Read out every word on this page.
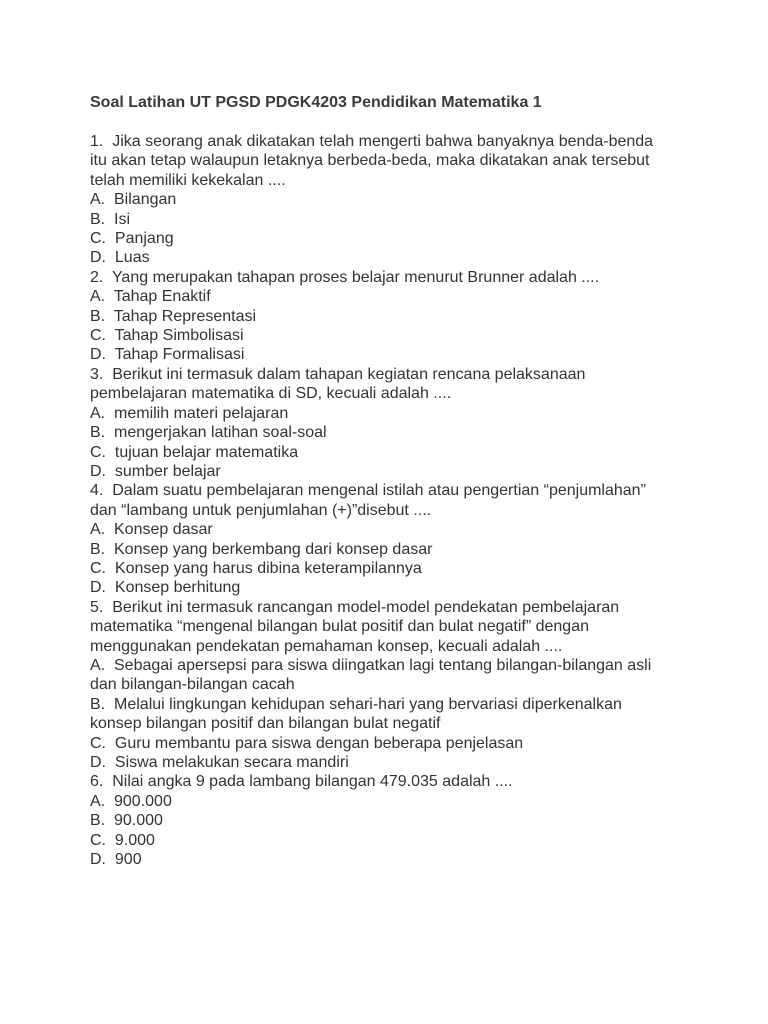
Soal Latihan UT PGSD PDGK4203 Pendidikan Matematika 1

1.  Jika seorang anak dikatakan telah mengerti bahwa banyaknya benda-benda

itu akan tetap walaupun letaknya berbeda-beda, maka dikatakan anak tersebut

telah memiliki kekekalan ....

A.  Bilangan

B.  Isi

C.  Panjang

D.  Luas

2.  Yang merupakan tahapan proses belajar menurut Brunner adalah ....

A.  Tahap Enaktif

B.  Tahap Representasi

C.  Tahap Simbolisasi

D.  Tahap Formalisasi

3.  Berikut ini termasuk dalam tahapan kegiatan rencana pelaksanaan

pembelajaran matematika di SD, kecuali adalah ....

A.  memilih materi pelajaran

B.  mengerjakan latihan soal-soal

C.  tujuan belajar matematika

D.  sumber belajar

4.  Dalam suatu pembelajaran mengenal istilah atau pengertian “penjumlahan”

dan “lambang untuk penjumlahan (+)”disebut ....

A.  Konsep dasar

B.  Konsep yang berkembang dari konsep dasar

C.  Konsep yang harus dibina keterampilannya

D.  Konsep berhitung

5.  Berikut ini termasuk rancangan model-model pendekatan pembelajaran

matematika “mengenal bilangan bulat positif dan bulat negatif” dengan

menggunakan pendekatan pemahaman konsep, kecuali adalah ....

A.  Sebagai apersepsi para siswa diingatkan lagi tentang bilangan-bilangan asli

dan bilangan-bilangan cacah

B.  Melalui lingkungan kehidupan sehari-hari yang bervariasi diperkenalkan

konsep bilangan positif dan bilangan bulat negatif

C.  Guru membantu para siswa dengan beberapa penjelasan

D.  Siswa melakukan secara mandiri

6.  Nilai angka 9 pada lambang bilangan 479.035 adalah ....

A.  900.000

B.  90.000

C.  9.000

D.  900
